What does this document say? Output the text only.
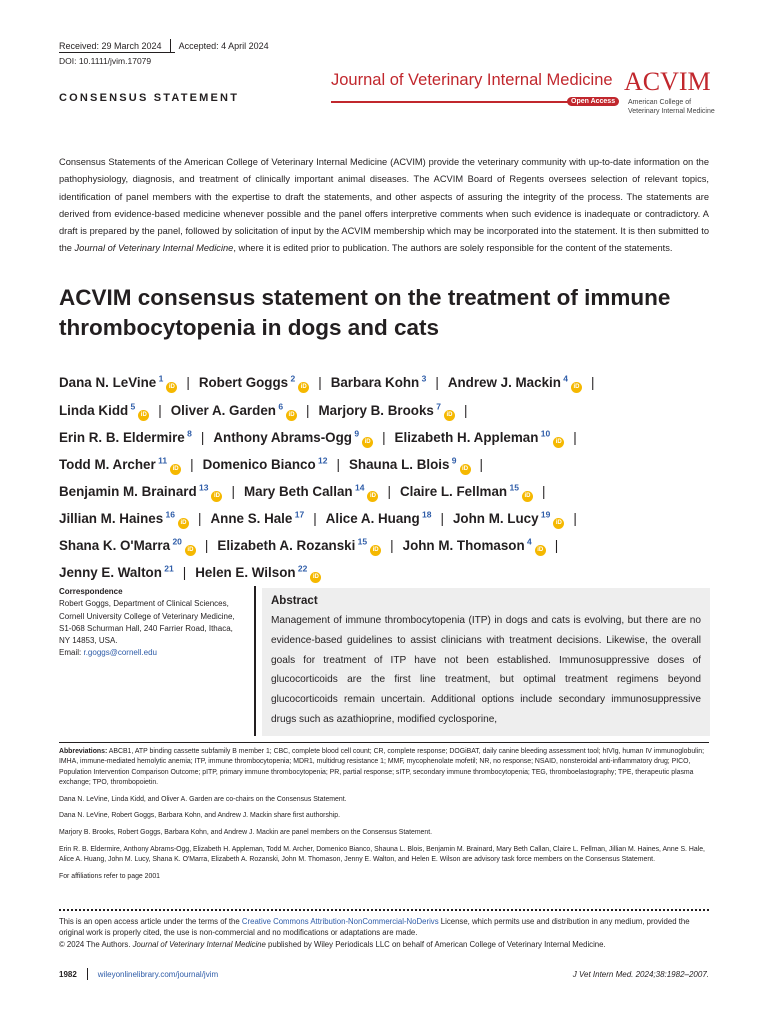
Received: 29 March 2024 Accepted: 4 April 2024
DOI: 10.1111/jvim.17079
CONSENSUS STATEMENT
Journal of Veterinary Internal Medicine
Open Access
ACVIM
American College of
Veterinary Internal Medicine
Consensus Statements of the American College of Veterinary Internal Medicine (ACVIM) provide the veterinary community with up-to-date information on the pathophysiology, diagnosis, and treatment of clinically important animal diseases. The ACVIM Board of Regents oversees selection of relevant topics, identification of panel members with the expertise to draft the statements, and other aspects of assuring the integrity of the process. The statements are derived from evidence-based medicine whenever possible and the panel offers interpretive comments when such evidence is inadequate or contradictory. A draft is prepared by the panel, followed by solicitation of input by the ACVIM membership which may be incorporated into the statement. It is then submitted to the Journal of Veterinary Internal Medicine, where it is edited prior to publication. The authors are solely responsible for the content of the statements.
ACVIM consensus statement on the treatment of immune thrombocytopenia in dogs and cats
Dana N. LeVine $^1$iD | Robert Goggs $^2$iD | Barbara Kohn $^3$ | Andrew J. Mackin $^4$iD |
Linda Kidd $^5$iD | Oliver A. Garden $^6$iD | Marjory B. Brooks $^7$iD |
Erin R. B. Eldermire $^8$ | Anthony Abrams-Ogg $^9$iD | Elizabeth H. Appleman $^{10}$iD |
Todd M. Archer $^{11}$iD | Domenico Bianco $^{12}$ | Shauna L. Blois $^9$iD |
Benjamin M. Brainard $^{13}$iD | Mary Beth Callan $^{14}$iD | Claire L. Fellman $^{15}$iD |
Jillian M. Haines $^{16}$iD | Anne S. Hale $^{17}$ | Alice A. Huang $^{18}$ | John M. Lucy $^{19}$iD |
Shana K. O'Marra $^{20}$iD | Elizabeth A. Rozanski $^{15}$iD | John M. Thomason $^4$iD |
Jenny E. Walton $^{21}$ | Helen E. Wilson $^{22}$iD
Correspondence
Robert Goggs, Department of Clinical Sciences, Cornell University College of Veterinary Medicine, S1-068 Schurman Hall, 240 Farrier Road, Ithaca, NY 14853, USA.
Email: r.goggs@cornell.edu
Abstract
Management of immune thrombocytopenia (ITP) in dogs and cats is evolving, but there are no evidence-based guidelines to assist clinicians with treatment decisions. Likewise, the overall goals for treatment of ITP have not been established. Immunosuppressive doses of glucocorticoids are the first line treatment, but optimal treatment regimens beyond glucocorticoids remain uncertain. Additional options include secondary immunosuppressive drugs such as azathioprine, modified cyclosporine,

Abbreviations: ABCB1, ATP binding cassette subfamily B member 1; CBC, complete blood cell count; CR, complete response; DOGiBAT, daily canine bleeding assessment tool; hIVIg, human IV immunoglobulin; IMHA, immune-mediated hemolytic anemia; ITP, immune thrombocytopenia; MDR1, multidrug resistance 1; MMF, mycophenolate mofetil; NR, no response; NSAID, nonsteroidal anti-inflammatory drug; PICO, Population Intervention Comparison Outcome; pITP, primary immune thrombocytopenia; PR, partial response; sITP, secondary immune thrombocytopenia; TEG, thromboelastography; TPE, therapeutic plasma exchange; TPO, thrombopoietin.

Dana N. LeVine, Linda Kidd, and Oliver A. Garden are co-chairs on the Consensus Statement.

Dana N. LeVine, Robert Goggs, Barbara Kohn, and Andrew J. Mackin share first authorship.

Marjory B. Brooks, Robert Goggs, Barbara Kohn, and Andrew J. Mackin are panel members on the Consensus Statement.

Erin R. B. Eldermire, Anthony Abrams-Ogg, Elizabeth H. Appleman, Todd M. Archer, Domenico Bianco, Shauna L. Blois, Benjamin M. Brainard, Mary Beth Callan, Claire L. Fellman, Jillian M. Haines, Anne S. Hale, Alice A. Huang, John M. Lucy, Shana K. O'Marra, Elizabeth A. Rozanski, John M. Thomason, Jenny E. Walton, and Helen E. Wilson are advisory task force members on the Consensus Statement.

For affiliations refer to page 2001

This is an open access article under the terms of the Creative Commons Attribution-NonCommercial-NoDerivs License, which permits use and distribution in any medium, provided the original work is properly cited, the use is non-commercial and no modifications or adaptations are made.
© 2024 The Authors. Journal of Veterinary Internal Medicine published by Wiley Periodicals LLC on behalf of American College of Veterinary Internal Medicine.
1982	wileyonlinelibrary.com/journal/jvim	J Vet Intern Med. 2024;38:1982–2007.
